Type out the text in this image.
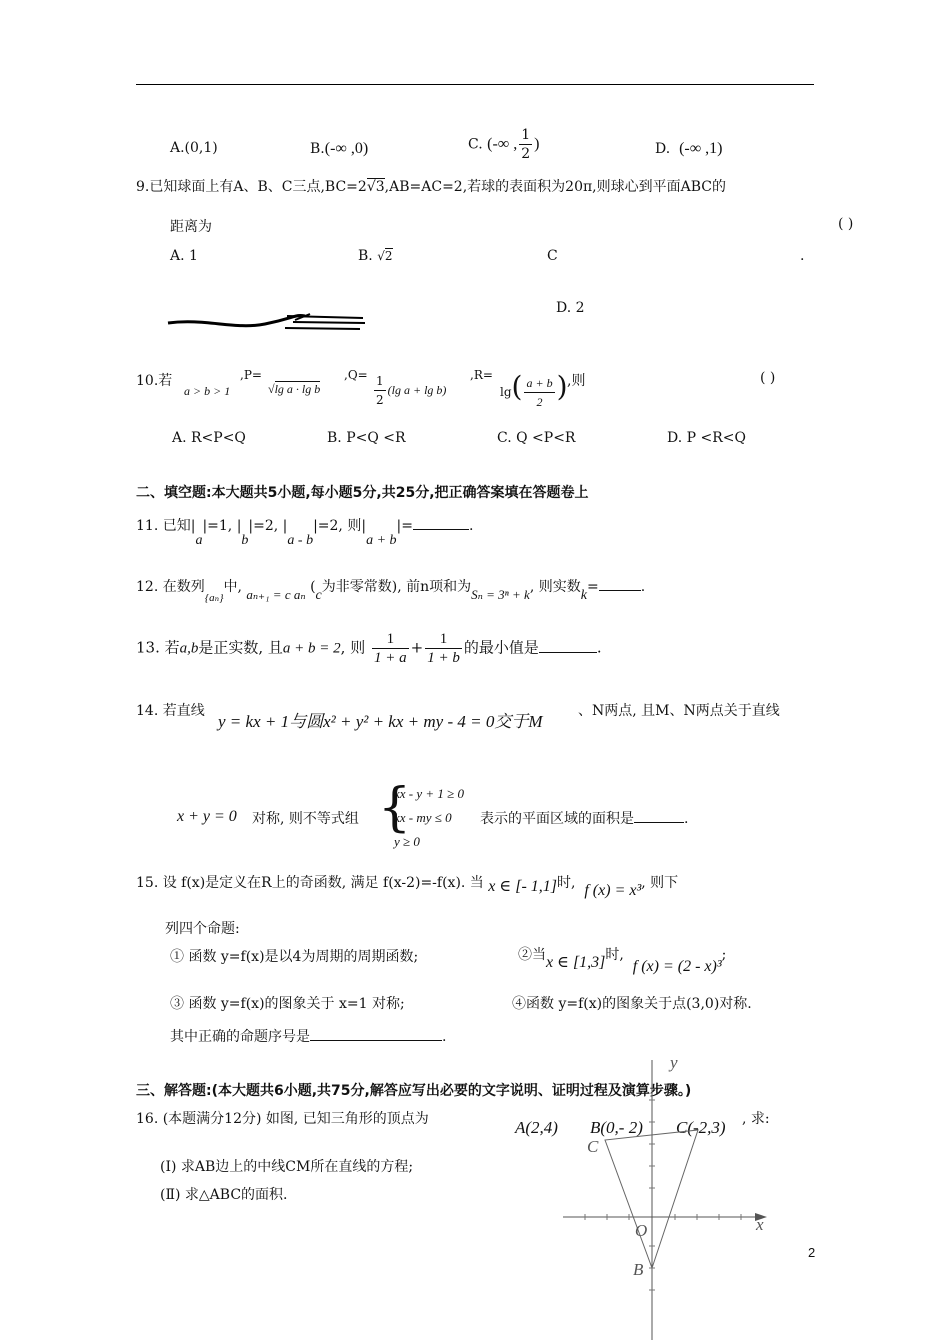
A.(0,1)	B.(-∞ ,0)	C. (-∞ , $\frac{1}{2}$ )	D. (-∞ ,1)
9.已知球面上有A、B、C三点,BC=2√3,AB=AC=2,若球的表面积为20π,则球心到平面ABC的
距离为	( )
A. 1	B. √2	C	.
D. 2
10.若
a > b > 1
,P=
√lg a · lg b
$,Q= \frac{1}{2} (\lg$ a + lg b)
,R=
$\lg( \frac{a + b}{2}$ ) ,则	( )
A. R<P<Q	B. P<Q <R	C. Q <P<R	D. P <R<Q
二、填空题:本大题共5小题,每小题5分,共25分,把正确答案填在答题卷上
11. 已知|a|=1, |b|=2, |a - b|=2, 则|a + b|=	.
12. 在数列$_{\{a_n\}}$中, aₙ₊₁ = c aₙ (c为非零常数), 前n项和为Sₙ = 3ⁿ + k, 则实数k=	.
13. 若a,b是正实数, 且a + b = 2, 则 $\frac{1}{1 + a} + \frac{1}{1 + b}$ 的最小值是	.
14. 若直线
y = kx + 1与圆x² + y² + kx + my - 4 = 0交于M
、N两点, 且M、N两点关于直线
x + y = 0 对称, 则不等式组 {
kx - y + 1 ≥ 0
kx - my ≤ 0
y ≥ 0
表示的平面区域的面积是	.
15. 设 f(x)是定义在R上的奇函数, 满足 f(x-2)=-f(x). 当 x ∈ [- 1,1]时, f (x) = x³, 则下
列四个命题:
① 函数 y=f(x)是以4为周期的周期函数;	②当x ∈ [1,3]时,  f (x) = (2 - x)³;
③ 函数 y=f(x)的图象关于 x=1 对称;	④函数 y=f(x)的图象关于点(3,0)对称.
其中正确的命题序号是	.
三、解答题:(本大题共6小题,共75分,解答应写出必要的文字说明、证明过程及演算步骤。)
16. (本题满分12分) 如图, 已知三角形的顶点为	A(2,4) B(0,- 2) C(-2,3) , 求:
(Ⅰ) 求AB边上的中线CM所在直线的方程;
(Ⅱ) 求△ABC的面积.
y
x
O
B
C
2
